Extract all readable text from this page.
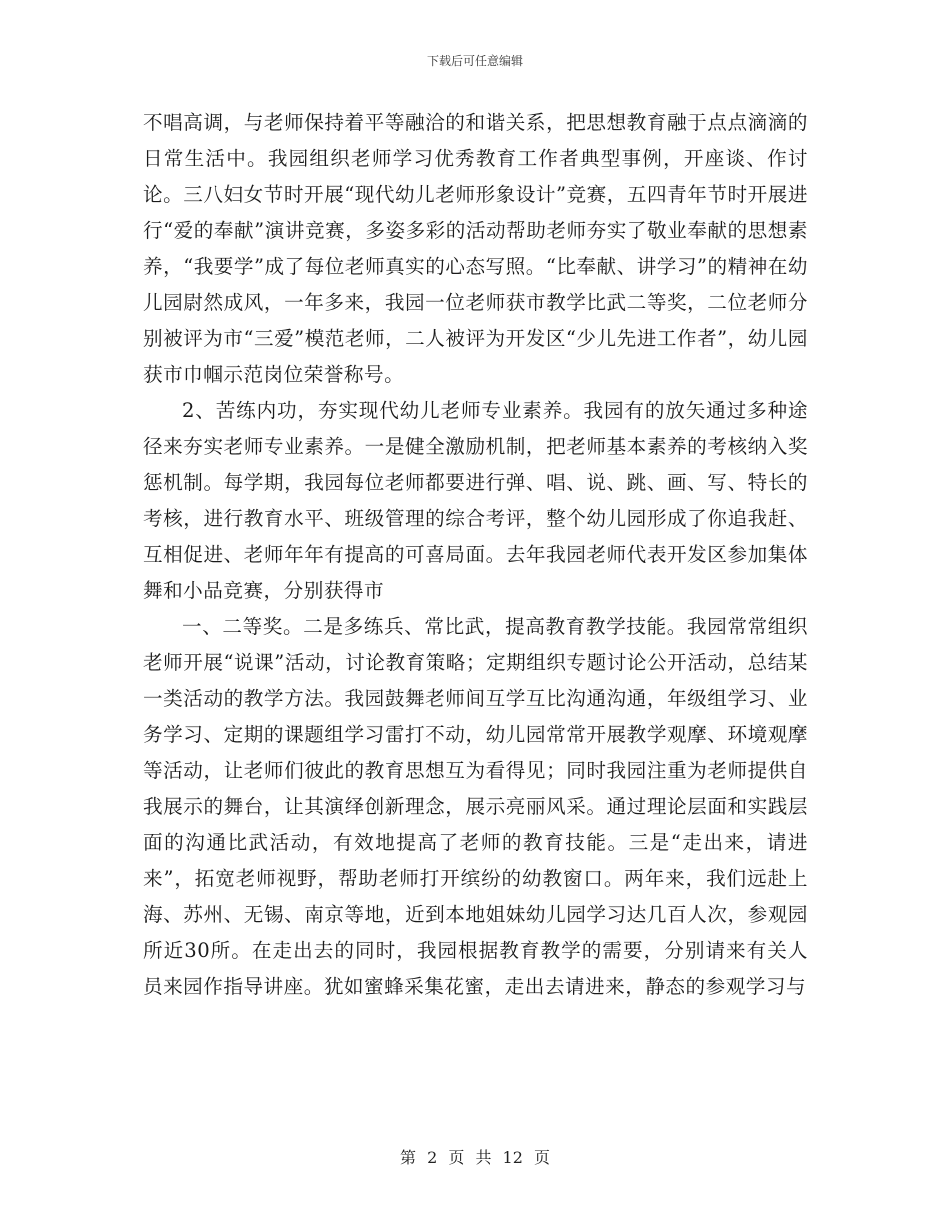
下载后可任意编辑

不唱高调，与老师保持着平等融洽的和谐关系，把思想教育融于点点滴滴的日常生活中。我园组织老师学习优秀教育工作者典型事例，开座谈、作讨论。三八妇女节时开展“现代幼儿老师形象设计”竞赛，五四青年节时开展进行“爱的奉献”演讲竞赛，多姿多彩的活动帮助老师夯实了敬业奉献的思想素养，“我要学”成了每位老师真实的心态写照。“比奉献、讲学习”的精神在幼儿园尉然成风，一年多来，我园一位老师获市教学比武二等奖，二位老师分别被评为市“三爱”模范老师，二人被评为开发区“少儿先进工作者”，幼儿园获市巾帼示范岗位荣誉称号。

2、苦练内功，夯实现代幼儿老师专业素养。我园有的放矢通过多种途径来夯实老师专业素养。一是健全激励机制，把老师基本素养的考核纳入奖惩机制。每学期，我园每位老师都要进行弹、唱、说、跳、画、写、特长的考核，进行教育水平、班级管理的综合考评，整个幼儿园形成了你追我赶、互相促进、老师年年有提高的可喜局面。去年我园老师代表开发区参加集体舞和小品竞赛，分别获得市

一、二等奖。二是多练兵、常比武，提高教育教学技能。我园常常组织老师开展“说课”活动，讨论教育策略；定期组织专题讨论公开活动，总结某一类活动的教学方法。我园鼓舞老师间互学互比沟通沟通，年级组学习、业务学习、定期的课题组学习雷打不动，幼儿园常常开展教学观摩、环境观摩等活动，让老师们彼此的教育思想互为看得见；同时我园注重为老师提供自我展示的舞台，让其演绎创新理念，展示亮丽风采。通过理论层面和实践层面的沟通比武活动，有效地提高了老师的教育技能。三是“走出来，请进来”，拓宽老师视野，帮助老师打开缤纷的幼教窗口。两年来，我们远赴上海、苏州、无锡、南京等地，近到本地姐妹幼儿园学习达几百人次，参观园所近30所。在走出去的同时，我园根据教育教学的需要，分别请来有关人员来园作指导讲座。犹如蜜蜂采集花蜜，走出去请进来，静态的参观学习与

第 2 页 共 12 页
